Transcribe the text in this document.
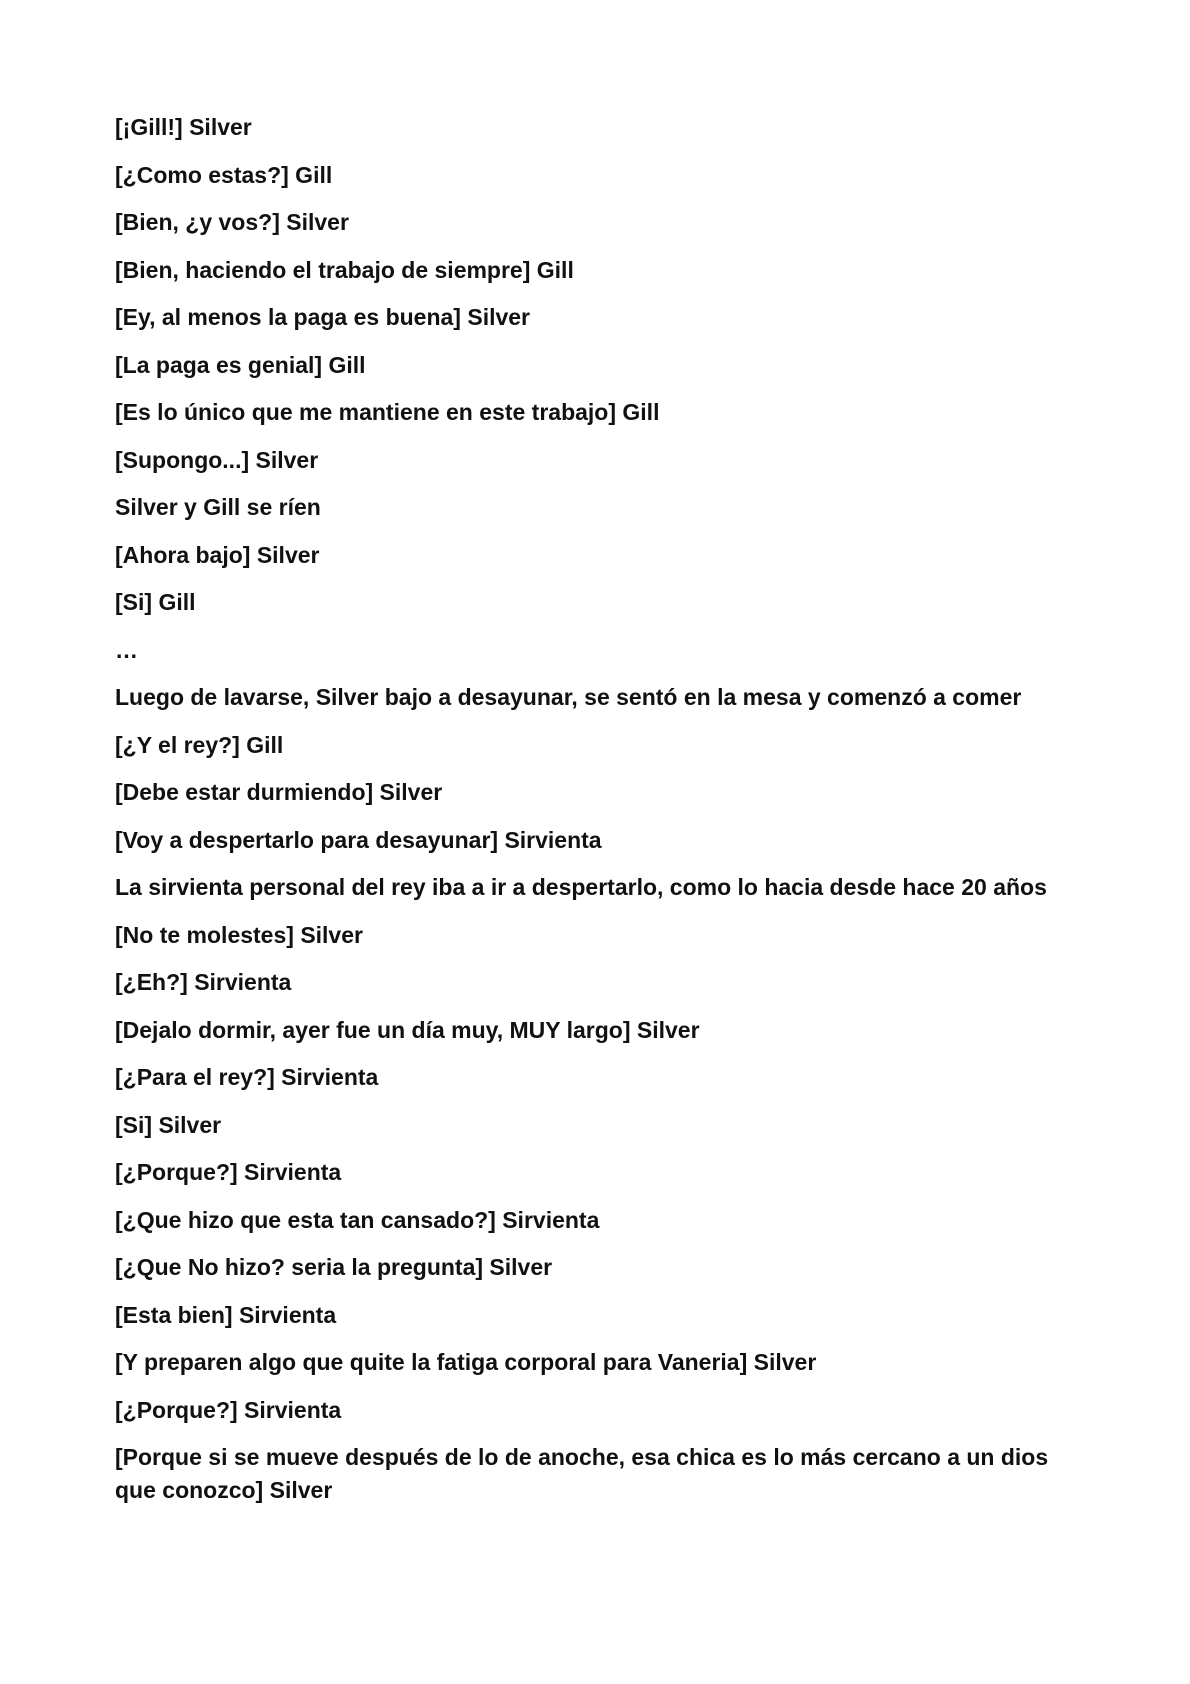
[¡Gill!] Silver

[¿Como estas?] Gill

[Bien, ¿y vos?] Silver

[Bien, haciendo el trabajo de siempre] Gill

[Ey, al menos la paga es buena] Silver

[La paga es genial] Gill

[Es lo único que me mantiene en este trabajo] Gill

[Supongo...] Silver

Silver y Gill se ríen

[Ahora bajo] Silver

[Si] Gill

…

Luego de lavarse, Silver bajo a desayunar, se sentó en la mesa y comenzó a comer

[¿Y el rey?] Gill

[Debe estar durmiendo] Silver

[Voy a despertarlo para desayunar] Sirvienta

La sirvienta personal del rey iba a ir a despertarlo, como lo hacia desde hace 20 años

[No te molestes] Silver

[¿Eh?] Sirvienta

[Dejalo dormir, ayer fue un día muy, MUY largo] Silver

[¿Para el rey?] Sirvienta

[Si] Silver

[¿Porque?] Sirvienta

[¿Que hizo que esta tan cansado?] Sirvienta

[¿Que No hizo? seria la pregunta] Silver

[Esta bien] Sirvienta

[Y preparen algo que quite la fatiga corporal para Vaneria] Silver

[¿Porque?] Sirvienta

[Porque si se mueve después de lo de anoche, esa chica es lo más cercano a un dios que conozco] Silver
